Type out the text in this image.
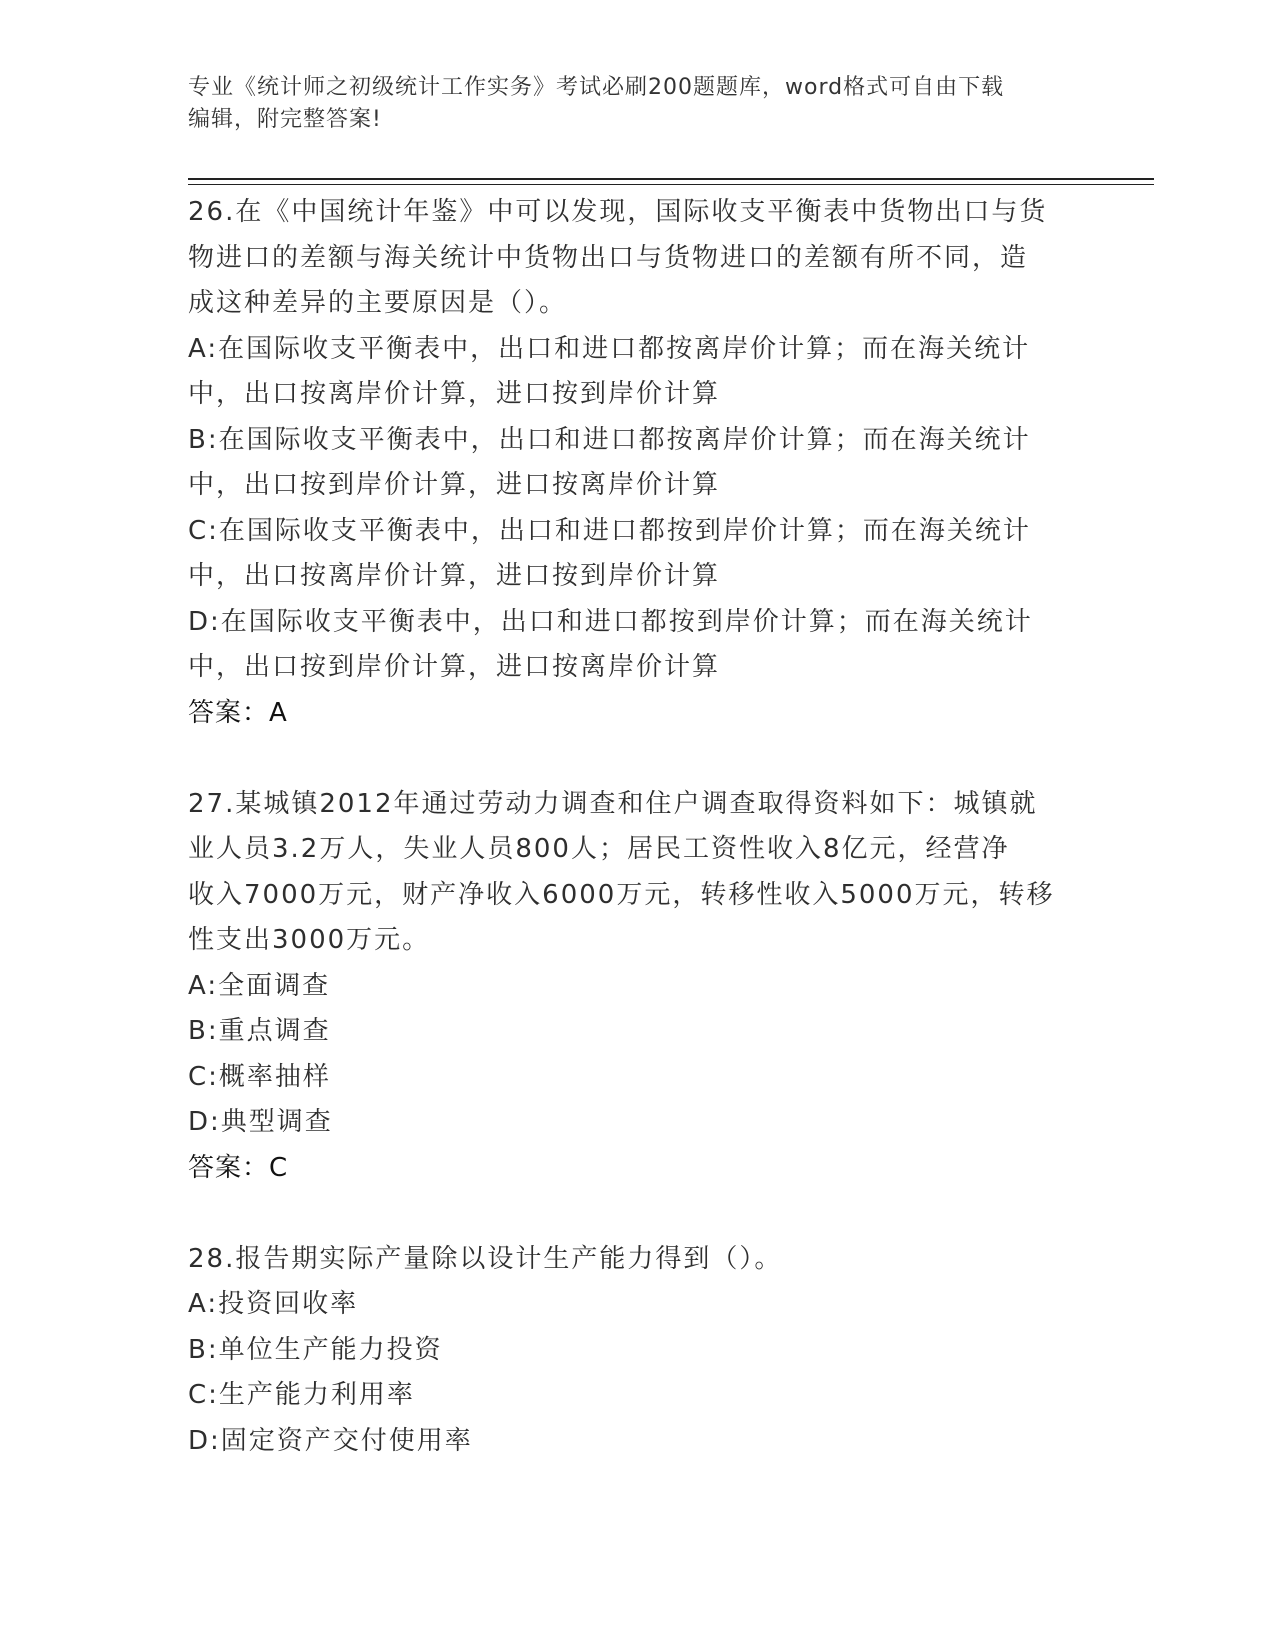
专业《统计师之初级统计工作实务》考试必刷200题题库，word格式可自由下载
编辑，附完整答案!
26.在《中国统计年鉴》中可以发现，国际收支平衡表中货物出口与货
物进口的差额与海关统计中货物出口与货物进口的差额有所不同，造
成这种差异的主要原因是（）。
A:在国际收支平衡表中，出口和进口都按离岸价计算；而在海关统计
中，出口按离岸价计算，进口按到岸价计算
B:在国际收支平衡表中，出口和进口都按离岸价计算；而在海关统计
中，出口按到岸价计算，进口按离岸价计算
C:在国际收支平衡表中，出口和进口都按到岸价计算；而在海关统计
中，出口按离岸价计算，进口按到岸价计算
D:在国际收支平衡表中，出口和进口都按到岸价计算；而在海关统计
中，出口按到岸价计算，进口按离岸价计算
答案：A
27.某城镇2012年通过劳动力调查和住户调查取得资料如下：城镇就
业人员3.2万人，失业人员800人；居民工资性收入8亿元，经营净
收入7000万元，财产净收入6000万元，转移性收入5000万元，转移
性支出3000万元。
A:全面调查
B:重点调查
C:概率抽样
D:典型调查
答案：C
28.报告期实际产量除以设计生产能力得到（）。
A:投资回收率
B:单位生产能力投资
C:生产能力利用率
D:固定资产交付使用率
